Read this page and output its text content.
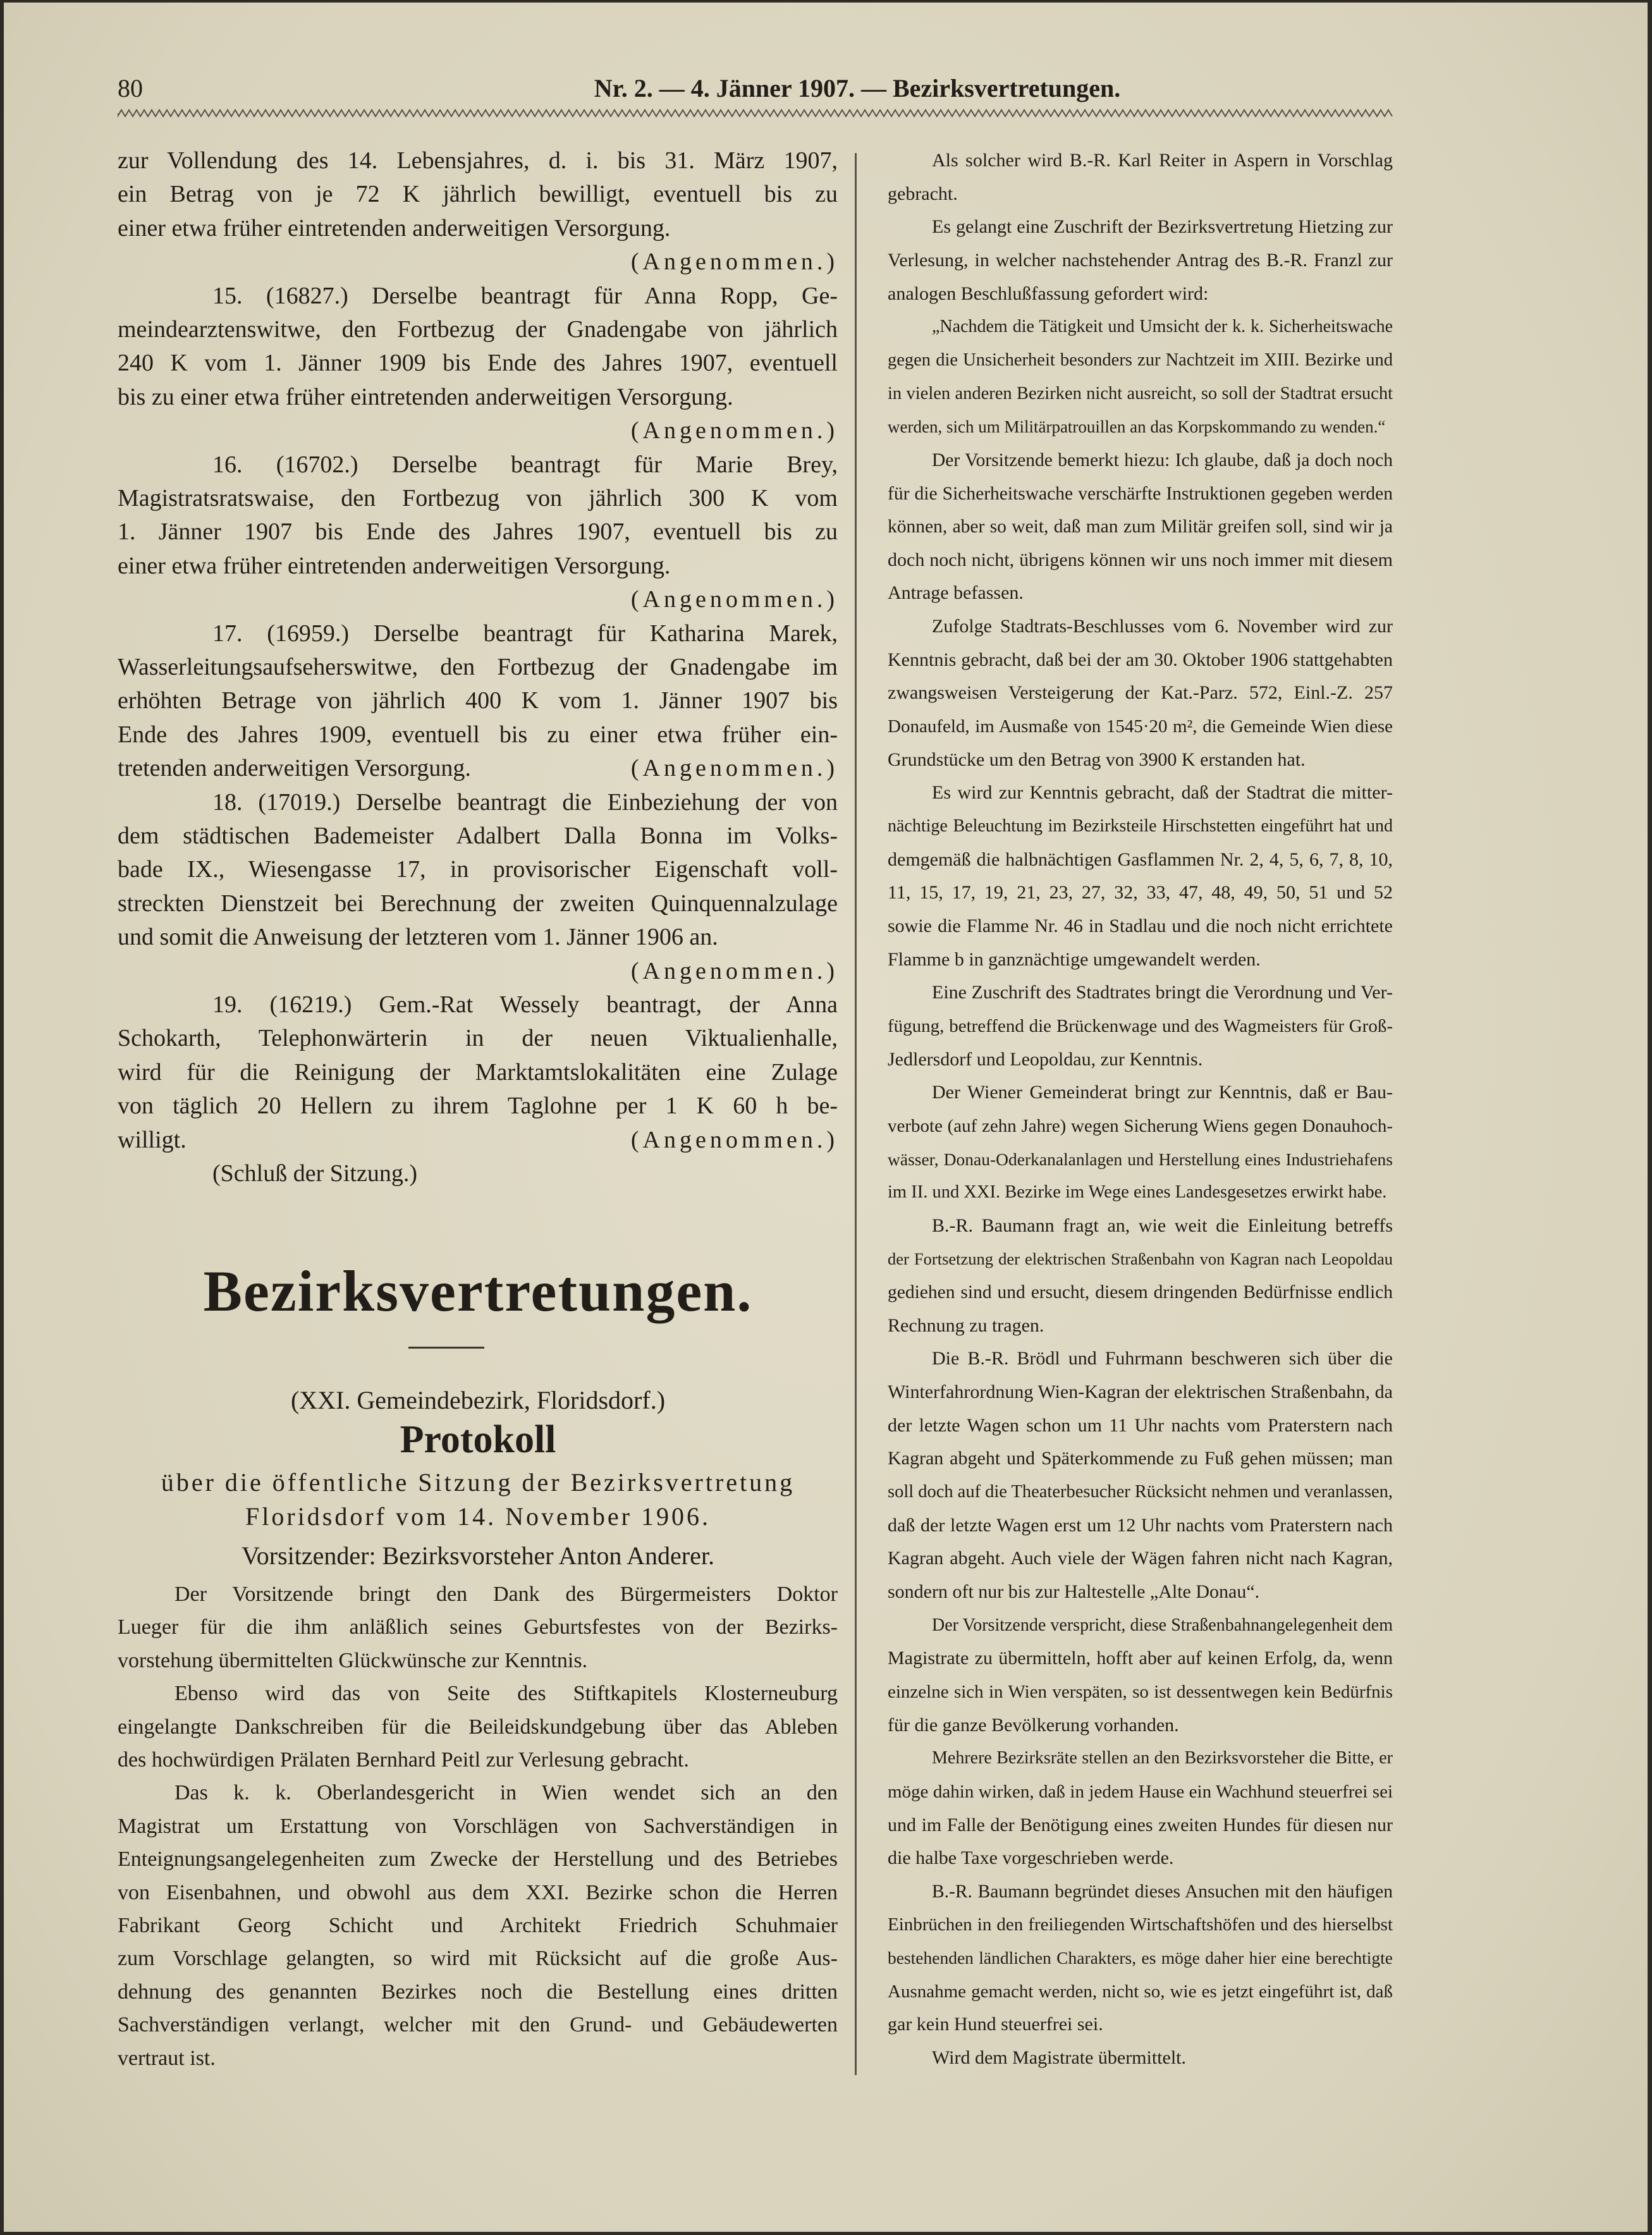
80	Nr. 2. — 4. Jänner 1907. — Bezirksvertretungen.
zur Vollendung des 14. Lebensjahres, d. i. bis 31. März 1907,
ein Betrag von je 72 K jährlich bewilligt, eventuell bis zu
einer etwa früher eintretenden anderweitigen Versorgung.
(Angenommen.)
15. (16827.) Derselbe beantragt für Anna Ropp, Ge-
meindearztenswitwe, den Fortbezug der Gnadengabe von jährlich
240 K vom 1. Jänner 1909 bis Ende des Jahres 1907, eventuell
bis zu einer etwa früher eintretenden anderweitigen Versorgung.
(Angenommen.)
16. (16702.) Derselbe beantragt für Marie Brey,
Magistratsratswaise, den Fortbezug von jährlich 300 K vom
1. Jänner 1907 bis Ende des Jahres 1907, eventuell bis zu
einer etwa früher eintretenden anderweitigen Versorgung.
(Angenommen.)
17. (16959.) Derselbe beantragt für Katharina Marek,
Wasserleitungsaufseherswitwe, den Fortbezug der Gnadengabe im
erhöhten Betrage von jährlich 400 K vom 1. Jänner 1907 bis
Ende des Jahres 1909, eventuell bis zu einer etwa früher ein-
(Angenommen.)
tretenden anderweitigen Versorgung.
18. (17019.) Derselbe beantragt die Einbeziehung der von
dem städtischen Bademeister Adalbert Dalla Bonna im Volks-
bade IX., Wiesengasse 17, in provisorischer Eigenschaft voll-
streckten Dienstzeit bei Berechnung der zweiten Quinquennalzulage
und somit die Anweisung der letzteren vom 1. Jänner 1906 an.
(Angenommen.)
19. (16219.) Gem.-Rat Wessely beantragt, der Anna
Schokarth, Telephonwärterin in der neuen Viktualienhalle,
wird für die Reinigung der Marktamtslokalitäten eine Zulage
von täglich 20 Hellern zu ihrem Taglohne per 1 K 60 h be-
(Angenommen.)
willigt.
(Schluß der Sitzung.)
Bezirksvertretungen.
(XXI. Gemeindebezirk, Floridsdorf.)
Protokoll
über die öffentliche Sitzung der Bezirksvertretung
Floridsdorf vom 14. November 1906.
Vorsitzender: Bezirksvorsteher Anton Anderer.
Der Vorsitzende bringt den Dank des Bürgermeisters Doktor
Lueger für die ihm anläßlich seines Geburtsfestes von der Bezirks-
vorstehung übermittelten Glückwünsche zur Kenntnis.
Ebenso wird das von Seite des Stiftkapitels Klosterneuburg
eingelangte Dankschreiben für die Beileidskundgebung über das Ableben
des hochwürdigen Prälaten Bernhard Peitl zur Verlesung gebracht.
Das k. k. Oberlandesgericht in Wien wendet sich an den
Magistrat um Erstattung von Vorschlägen von Sachverständigen in
Enteignungsangelegenheiten zum Zwecke der Herstellung und des Betriebes
von Eisenbahnen, und obwohl aus dem XXI. Bezirke schon die Herren
Fabrikant Georg Schicht und Architekt Friedrich Schuhmaier
zum Vorschlage gelangten, so wird mit Rücksicht auf die große Aus-
dehnung des genannten Bezirkes noch die Bestellung eines dritten
Sachverständigen verlangt, welcher mit den Grund- und Gebäudewerten
vertraut ist.
Als solcher wird B.-R. Karl Reiter in Aspern in Vorschlag
gebracht.
Es gelangt eine Zuschrift der Bezirksvertretung Hietzing zur
Verlesung, in welcher nachstehender Antrag des B.-R. Franzl zur
analogen Beschlußfassung gefordert wird:
„Nachdem die Tätigkeit und Umsicht der k. k. Sicherheitswache
gegen die Unsicherheit besonders zur Nachtzeit im XIII. Bezirke und
in vielen anderen Bezirken nicht ausreicht, so soll der Stadtrat ersucht
werden, sich um Militärpatrouillen an das Korpskommando zu wenden.“
Der Vorsitzende bemerkt hiezu: Ich glaube, daß ja doch noch
für die Sicherheitswache verschärfte Instruktionen gegeben werden
können, aber so weit, daß man zum Militär greifen soll, sind wir ja
doch noch nicht, übrigens können wir uns noch immer mit diesem
Antrage befassen.
Zufolge Stadtrats-Beschlusses vom 6. November wird zur
Kenntnis gebracht, daß bei der am 30. Oktober 1906 stattgehabten
zwangsweisen Versteigerung der Kat.-Parz. 572, Einl.-Z. 257
Donaufeld, im Ausmaße von 1545·20 m², die Gemeinde Wien diese
Grundstücke um den Betrag von 3900 K erstanden hat.
Es wird zur Kenntnis gebracht, daß der Stadtrat die mitter-
nächtige Beleuchtung im Bezirksteile Hirschstetten eingeführt hat und
demgemäß die halbnächtigen Gasflammen Nr. 2, 4, 5, 6, 7, 8, 10,
11, 15, 17, 19, 21, 23, 27, 32, 33, 47, 48, 49, 50, 51 und 52
sowie die Flamme Nr. 46 in Stadlau und die noch nicht errichtete
Flamme b in ganznächtige umgewandelt werden.
Eine Zuschrift des Stadtrates bringt die Verordnung und Ver-
fügung, betreffend die Brückenwage und des Wagmeisters für Groß-
Jedlersdorf und Leopoldau, zur Kenntnis.
Der Wiener Gemeinderat bringt zur Kenntnis, daß er Bau-
verbote (auf zehn Jahre) wegen Sicherung Wiens gegen Donauhoch-
wässer, Donau-Oderkanalanlagen und Herstellung eines Industriehafens
im II. und XXI. Bezirke im Wege eines Landesgesetzes erwirkt habe.
B.-R. Baumann fragt an, wie weit die Einleitung betreffs
der Fortsetzung der elektrischen Straßenbahn von Kagran nach Leopoldau
gediehen sind und ersucht, diesem dringenden Bedürfnisse endlich
Rechnung zu tragen.
Die B.-R. Brödl und Fuhrmann beschweren sich über die
Winterfahrordnung Wien-Kagran der elektrischen Straßenbahn, da
der letzte Wagen schon um 11 Uhr nachts vom Praterstern nach
Kagran abgeht und Späterkommende zu Fuß gehen müssen; man
soll doch auf die Theaterbesucher Rücksicht nehmen und veranlassen,
daß der letzte Wagen erst um 12 Uhr nachts vom Praterstern nach
Kagran abgeht. Auch viele der Wägen fahren nicht nach Kagran,
sondern oft nur bis zur Haltestelle „Alte Donau“.
Der Vorsitzende verspricht, diese Straßenbahnangelegenheit dem
Magistrate zu übermitteln, hofft aber auf keinen Erfolg, da, wenn
einzelne sich in Wien verspäten, so ist dessentwegen kein Bedürfnis
für die ganze Bevölkerung vorhanden.
Mehrere Bezirksräte stellen an den Bezirksvorsteher die Bitte, er
möge dahin wirken, daß in jedem Hause ein Wachhund steuerfrei sei
und im Falle der Benötigung eines zweiten Hundes für diesen nur
die halbe Taxe vorgeschrieben werde.
B.-R. Baumann begründet dieses Ansuchen mit den häufigen
Einbrüchen in den freiliegenden Wirtschaftshöfen und des hierselbst
bestehenden ländlichen Charakters, es möge daher hier eine berechtigte
Ausnahme gemacht werden, nicht so, wie es jetzt eingeführt ist, daß
gar kein Hund steuerfrei sei.
Wird dem Magistrate übermittelt.
